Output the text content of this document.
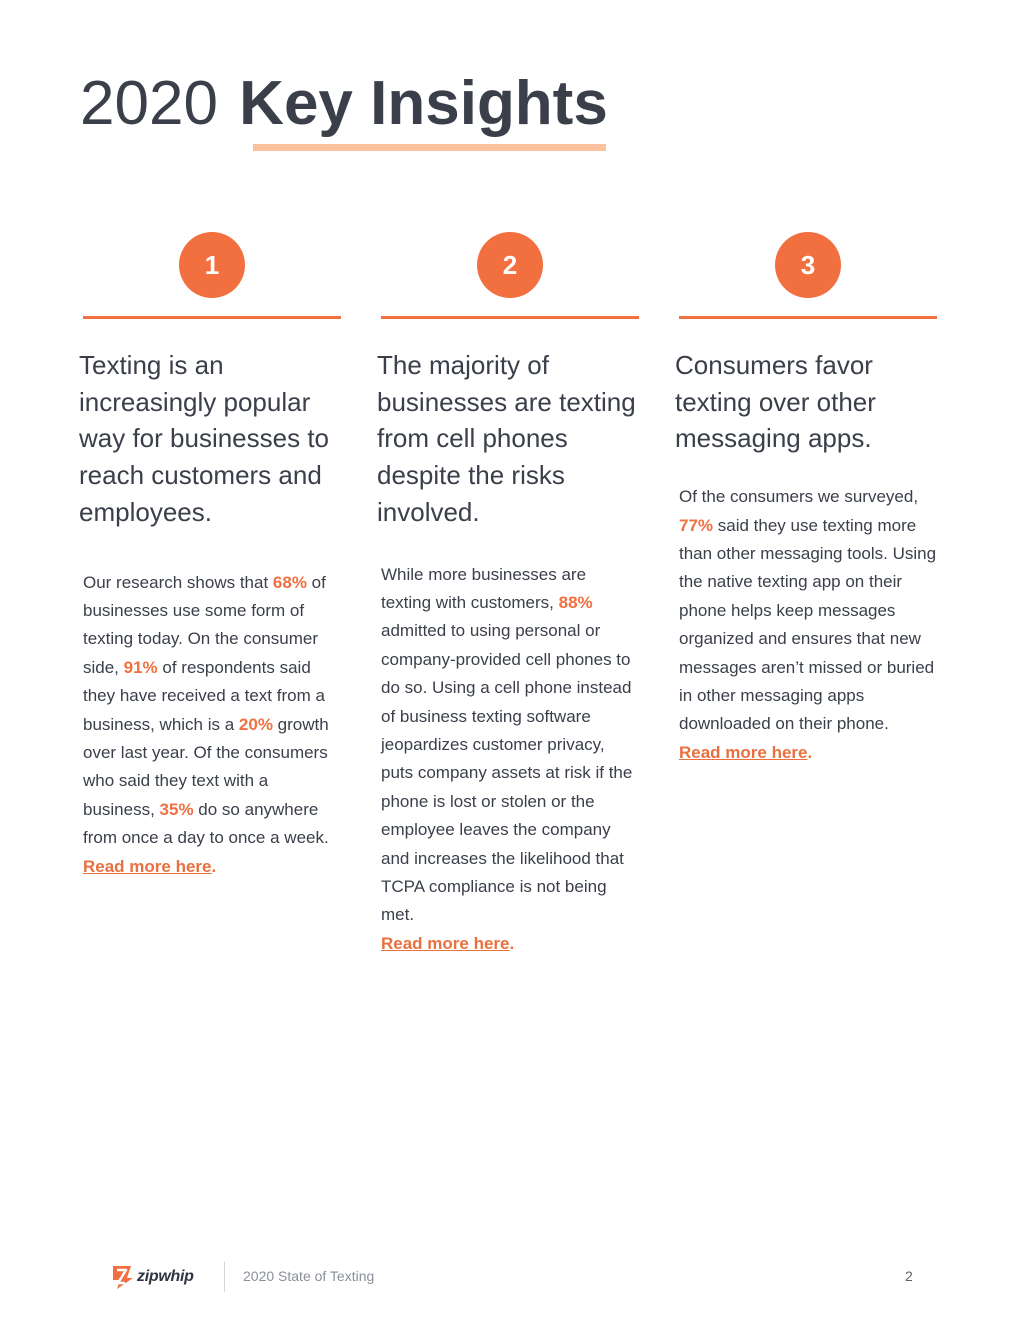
2020 Key Insights
1
Texting is an increasingly popular way for businesses to reach customers and employees.

Our research shows that 68% of businesses use some form of texting today. On the consumer side, 91% of respondents said they have received a text from a business, which is a 20% growth over last year. Of the consumers who said they text with a business, 35% do so anywhere from once a day to once a week.
Read more here.

2
The majority of businesses are texting from cell phones despite the risks involved.

While more businesses are texting with customers, 88% admitted to using personal or company-provided cell phones to do so. Using a cell phone instead of business texting software jeopardizes customer privacy, puts company assets at risk if the phone is lost or stolen or the employee leaves the company and increases the likelihood that TCPA compliance is not being met.
Read more here.

3
Consumers favor texting over other messaging apps.

Of the consumers we surveyed, 77% said they use texting more than other messaging tools. Using the native texting app on their phone helps keep messages organized and ensures that new messages aren’t missed or buried in other messaging apps downloaded on their phone.
Read more here.

zipwhip	2020 State of Texting	2
